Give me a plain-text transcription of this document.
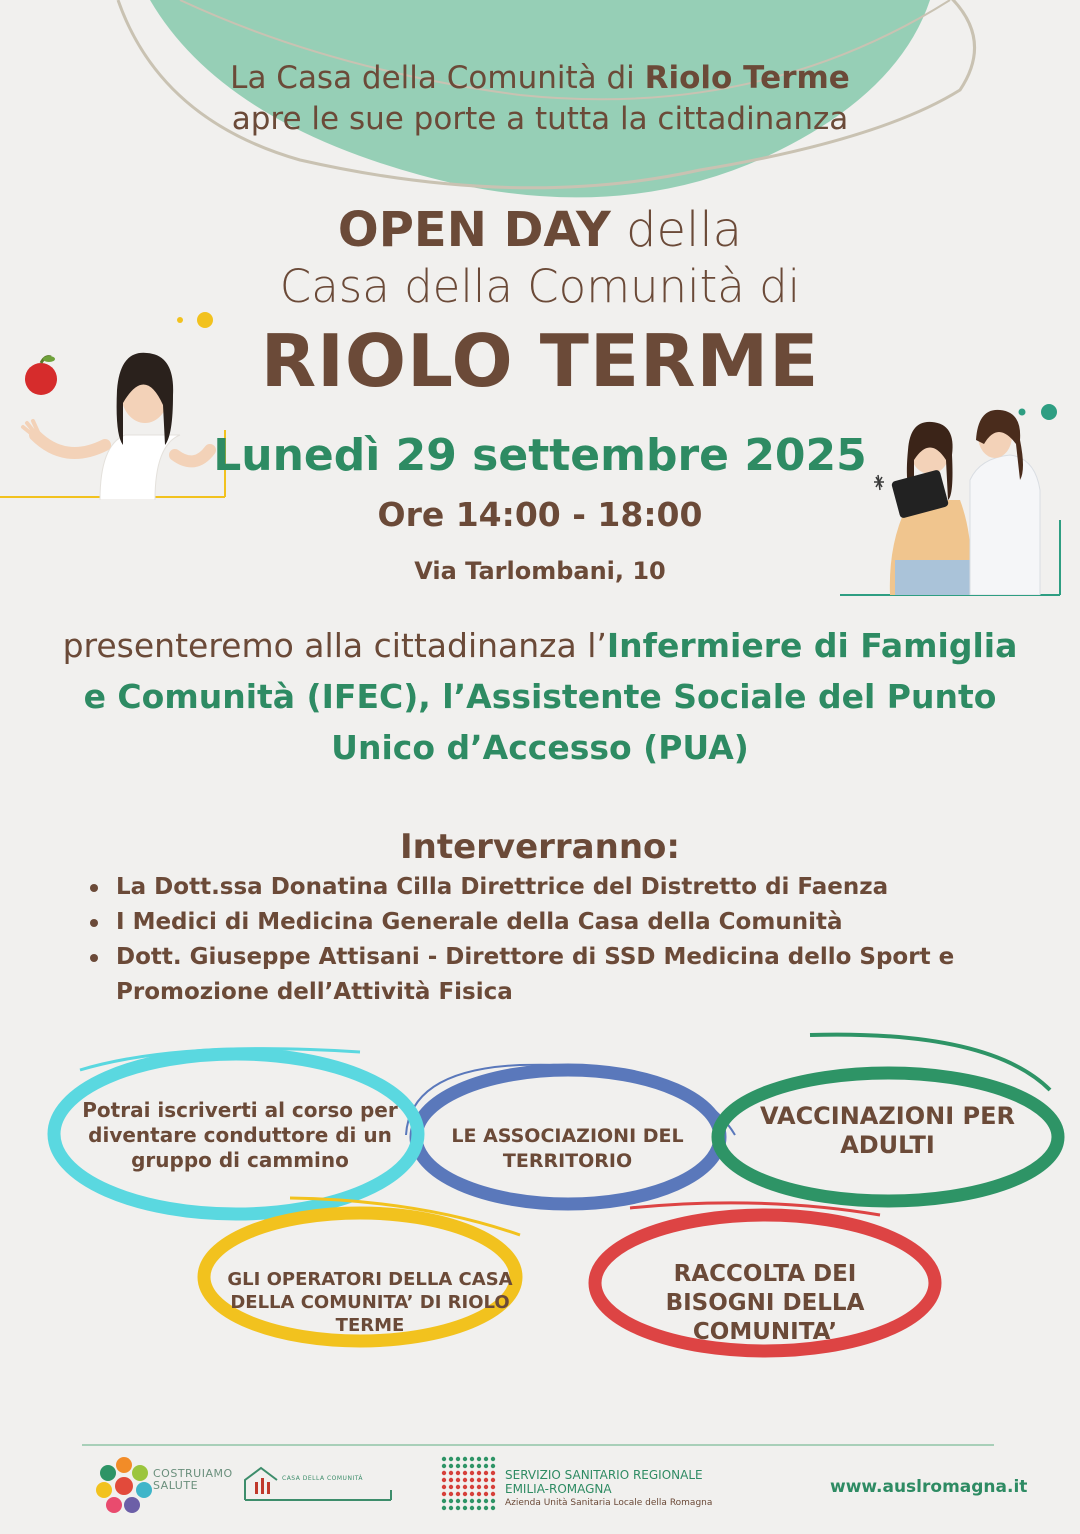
La Casa della Comunità di Riolo Terme
apre le sue porte a tutta la cittadinanza
OPEN DAY della
Casa della Comunità di
RIOLO TERME
Lunedì 29 settembre 2025
Ore 14:00 - 18:00
Via Tarlombani, 10
presenteremo alla cittadinanza l’Infermiere di Famiglia e Comunità (IFEC), l’Assistente Sociale del Punto Unico d’Accesso (PUA)
Interverranno:
La Dott.ssa Donatina Cilla Direttrice del Distretto di Faenza
I Medici di Medicina Generale della Casa della Comunità
Dott. Giuseppe Attisani - Direttore di SSD Medicina dello Sport e Promozione dell’Attività Fisica
Potrai iscriverti al corso per diventare conduttore di un gruppo di cammino
LE ASSOCIAZIONI DEL TERRITORIO
VACCINAZIONI PER ADULTI
GLI OPERATORI DELLA CASA DELLA COMUNITA’ DI RIOLO TERME
RACCOLTA DEI BISOGNI DELLA COMUNITA’
COSTRUIAMO SALUTE
CASA DELLA COMUNITÀ	SERVIZIO SANITARIO REGIONALE
EMILIA-ROMAGNA
Azienda Unità Sanitaria Locale della Romagna
www.auslromagna.it
